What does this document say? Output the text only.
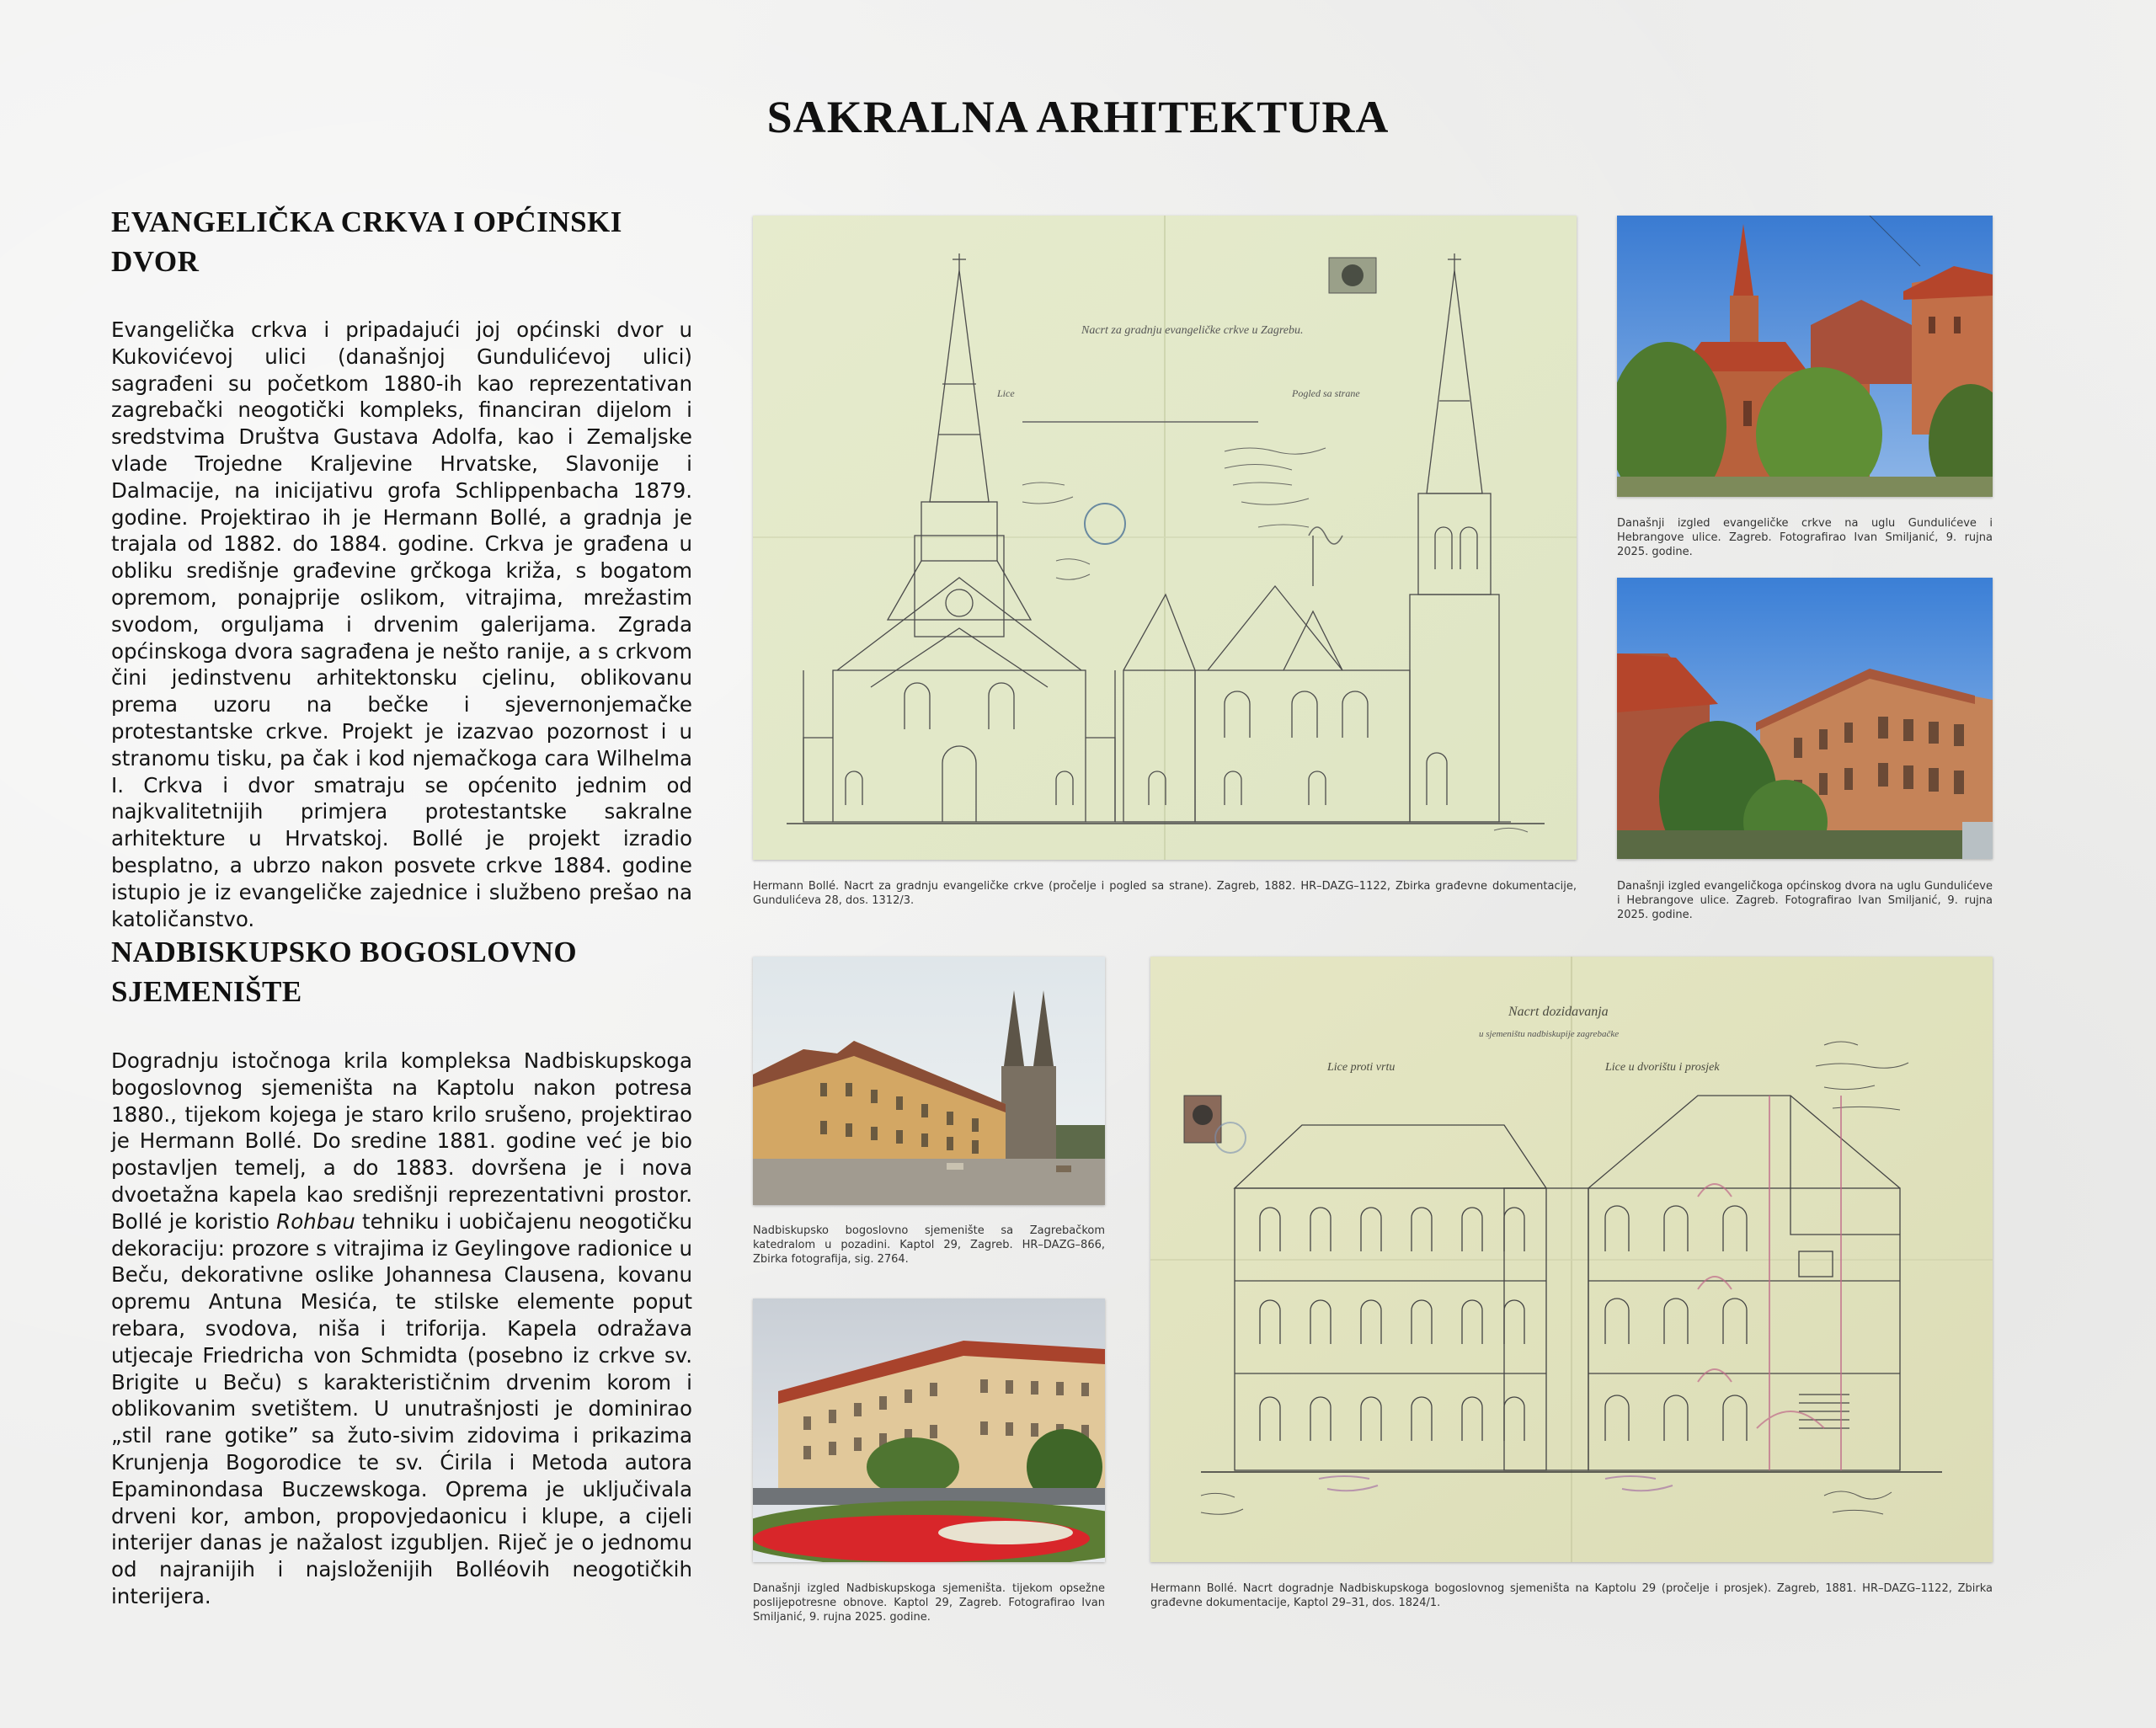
SAKRALNA ARHITEKTURA
EVANGELIČKA CRKVA I OPĆINSKI
DVOR
Evangelička crkva i pripadajući joj općinski dvor u Kukovićevoj ulici (današnjoj Gundulićevoj ulici) sagrađeni su početkom 1880-ih kao reprezentativan zagrebački neogotički kompleks, financiran dijelom i sredstvima Društva Gustava Adolfa, kao i Zemaljske vlade Trojedne Kraljevine Hrvatske, Slavonije i Dalmacije, na inicijativu grofa Schlippenbacha 1879. godine. Projektirao ih je Hermann Bollé, a gradnja je trajala od 1882. do 1884. godine. Crkva je građena u obliku središnje građevine grčkoga križa, s bogatom opremom, ponajprije oslikom, vitrajima, mrežastim svodom, orguljama i drvenim galerijama. Zgrada općinskoga dvora sagrađena je nešto ranije, a s crkvom čini jedinstvenu arhitektonsku cjelinu, oblikovanu prema uzoru na bečke i sjevernonjemačke protestantske crkve. Projekt je izazvao pozornost i u stranomu tisku, pa čak i kod njemačkoga cara Wilhelma I. Crkva i dvor smatraju se općenito jednim od najkvalitetnijih primjera protestantske sakralne arhitekture u Hrvatskoj. Bollé je projekt izradio besplatno, a ubrzo nakon posvete crkve 1884. godine istupio je iz evangeličke zajednice i službeno prešao na katoličanstvo.
NADBISKUPSKO BOGOSLOVNO
SJEMENIŠTE
Dogradnju istočnoga krila kompleksa Nadbiskupskoga bogoslovnog sjemeništa na Kaptolu nakon potresa 1880., tijekom kojega je staro krilo srušeno, projektirao je Hermann Bollé. Do sredine 1881. godine već je bio postavljen temelj, a do 1883. dovršena je i nova dvoetažna kapela kao središnji reprezentativni prostor. Bollé je koristio Rohbau tehniku i uobičajenu neogotičku dekoraciju: prozore s vitrajima iz Geylingove radionice u Beču, dekorativne oslike Johannesa Clausena, kovanu opremu Antuna Mesića, te stilske elemente poput rebara, svodova, niša i triforija. Kapela odražava utjecaje Friedricha von Schmidta (posebno iz crkve sv. Brigite u Beču) s karakterističnim drvenim korom i oblikovanim svetištem. U unutrašnjosti je dominirao „stil rane gotike” sa žuto-sivim zidovima i prikazima Krunjenja Bogorodice te sv. Ćirila i Metoda autora Epaminondasa Buczewskoga. Oprema je uključivala drveni kor, ambon, propovjedaonicu i klupe, a cijeli interijer danas je nažalost izgubljen. Riječ je o jednomu od najranijih i najsloženijih Bolléovih neogotičkih interijera.
Nacrt za gradnju evangeličke crkve u Zagrebu.
Lice	Pogled sa strane
Hermann Bollé. Nacrt za gradnju evangeličke crkve (pročelje i pogled sa strane). Zagreb, 1882. HR–DAZG–1122, Zbirka građevne dokumentacije, Gundulićeva 28, dos. 1312/3.
Današnji izgled evangeličke crkve na uglu Gundulićeve i Hebrangove ulice. Zagreb. Fotografirao Ivan Smiljanić, 9. rujna 2025. godine.
Današnji izgled evangeličkoga općinskog dvora na uglu Gundulićeve i Hebrangove ulice. Zagreb. Fotografirao Ivan Smiljanić, 9. rujna 2025. godine.
Nadbiskupsko bogoslovno sjemenište sa Zagrebačkom katedralom u pozadini. Kaptol 29, Zagreb. HR–DAZG–866, Zbirka fotografija, sig. 2764.
Današnji izgled Nadbiskupskoga sjemeništa. tijekom opsežne poslijepotresne obnove. Kaptol 29, Zagreb. Fotografirao Ivan Smiljanić, 9. rujna 2025. godine.
Nacrt dozidavanja
u sjemeništu nadbiskupije zagrebačke
Lice proti vrtu	Lice u dvorištu i prosjek
Hermann Bollé. Nacrt dogradnje Nadbiskupskoga bogoslovnog sjemeništa na Kaptolu 29 (pročelje i prosjek). Zagreb, 1881. HR–DAZG–1122, Zbirka građevne dokumentacije, Kaptol 29–31, dos. 1824/1.
